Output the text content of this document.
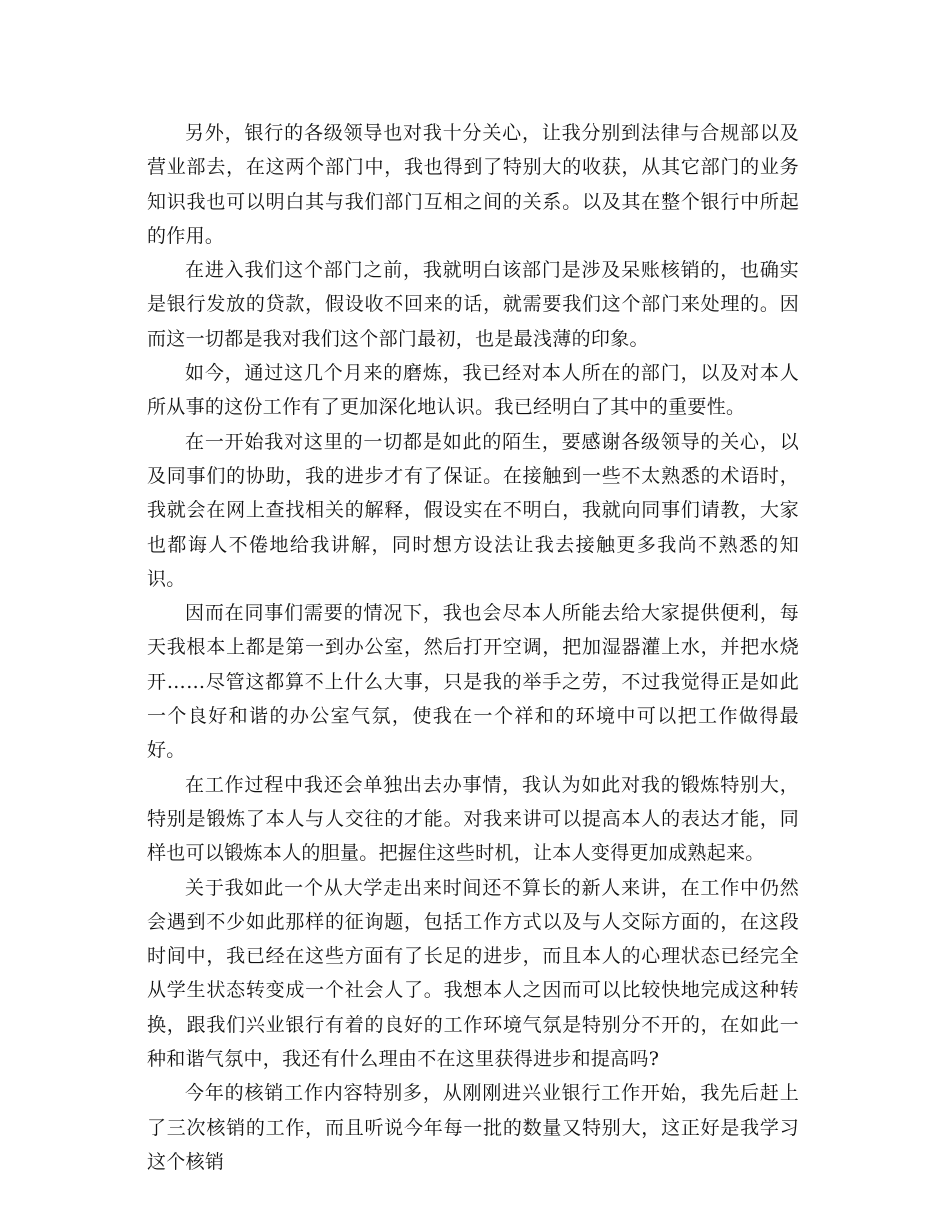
另外，银行的各级领导也对我十分关心，让我分别到法律与合规部以及营业部去，在这两个部门中，我也得到了特别大的收获，从其它部门的业务知识我也可以明白其与我们部门互相之间的关系。以及其在整个银行中所起的作用。

在进入我们这个部门之前，我就明白该部门是涉及呆账核销的，也确实是银行发放的贷款，假设收不回来的话，就需要我们这个部门来处理的。因而这一切都是我对我们这个部门最初，也是最浅薄的印象。

如今，通过这几个月来的磨炼，我已经对本人所在的部门，以及对本人所从事的这份工作有了更加深化地认识。我已经明白了其中的重要性。

在一开始我对这里的一切都是如此的陌生，要感谢各级领导的关心，以及同事们的协助，我的进步才有了保证。在接触到一些不太熟悉的术语时，我就会在网上查找相关的解释，假设实在不明白，我就向同事们请教，大家也都诲人不倦地给我讲解，同时想方设法让我去接触更多我尚不熟悉的知识。

因而在同事们需要的情况下，我也会尽本人所能去给大家提供便利，每天我根本上都是第一到办公室，然后打开空调，把加湿器灌上水，并把水烧开……尽管这都算不上什么大事，只是我的举手之劳，不过我觉得正是如此一个良好和谐的办公室气氛，使我在一个祥和的环境中可以把工作做得最好。

在工作过程中我还会单独出去办事情，我认为如此对我的锻炼特别大，特别是锻炼了本人与人交往的才能。对我来讲可以提高本人的表达才能，同样也可以锻炼本人的胆量。把握住这些时机，让本人变得更加成熟起来。

关于我如此一个从大学走出来时间还不算长的新人来讲，在工作中仍然会遇到不少如此那样的征询题，包括工作方式以及与人交际方面的，在这段时间中，我已经在这些方面有了长足的进步，而且本人的心理状态已经完全从学生状态转变成一个社会人了。我想本人之因而可以比较快地完成这种转换，跟我们兴业银行有着的良好的工作环境气氛是特别分不开的，在如此一种和谐气氛中，我还有什么理由不在这里获得进步和提高吗?

今年的核销工作内容特别多，从刚刚进兴业银行工作开始，我先后赶上了三次核销的工作，而且听说今年每一批的数量又特别大，这正好是我学习这个核销
